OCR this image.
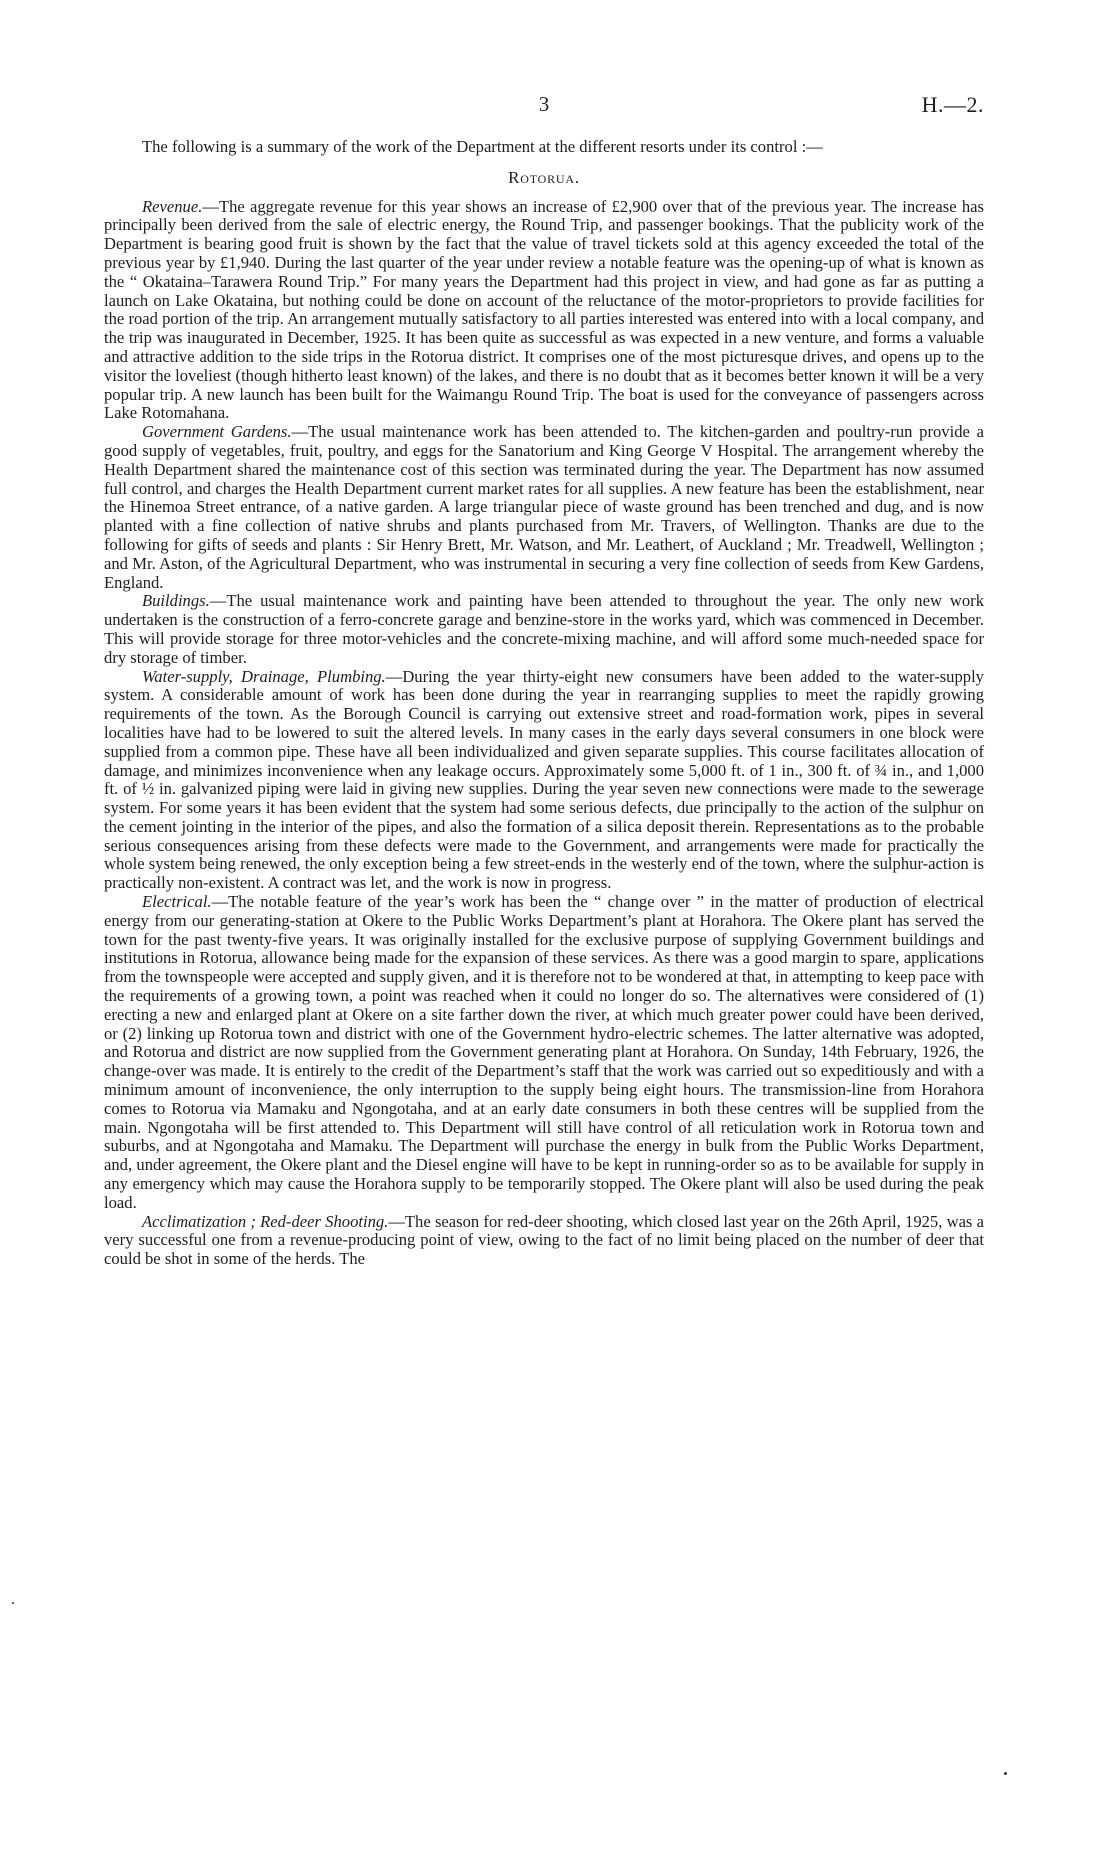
3	H.—2.

The following is a summary of the work of the Department at the different resorts under its control :—

Rotorua.

Revenue.—The aggregate revenue for this year shows an increase of £2,900 over that of the previous year. The increase has principally been derived from the sale of electric energy, the Round Trip, and passenger bookings. That the publicity work of the Department is bearing good fruit is shown by the fact that the value of travel tickets sold at this agency exceeded the total of the previous year by £1,940. During the last quarter of the year under review a notable feature was the opening-up of what is known as the “ Okataina–Tarawera Round Trip.” For many years the Department had this project in view, and had gone as far as putting a launch on Lake Okataina, but nothing could be done on account of the reluctance of the motor-proprietors to provide facilities for the road portion of the trip. An arrangement mutually satisfactory to all parties interested was entered into with a local company, and the trip was inaugurated in December, 1925. It has been quite as successful as was expected in a new venture, and forms a valuable and attractive addition to the side trips in the Rotorua district. It comprises one of the most picturesque drives, and opens up to the visitor the loveliest (though hitherto least known) of the lakes, and there is no doubt that as it becomes better known it will be a very popular trip. A new launch has been built for the Waimangu Round Trip. The boat is used for the conveyance of passengers across Lake Rotomahana.

Government Gardens.—The usual maintenance work has been attended to. The kitchen-garden and poultry-run provide a good supply of vegetables, fruit, poultry, and eggs for the Sanatorium and King George V Hospital. The arrangement whereby the Health Department shared the maintenance cost of this section was terminated during the year. The Department has now assumed full control, and charges the Health Department current market rates for all supplies. A new feature has been the establishment, near the Hinemoa Street entrance, of a native garden. A large triangular piece of waste ground has been trenched and dug, and is now planted with a fine collection of native shrubs and plants purchased from Mr. Travers, of Wellington. Thanks are due to the following for gifts of seeds and plants : Sir Henry Brett, Mr. Watson, and Mr. Leathert, of Auckland ; Mr. Treadwell, Wellington ; and Mr. Aston, of the Agricultural Department, who was instrumental in securing a very fine collection of seeds from Kew Gardens, England.

Buildings.—The usual maintenance work and painting have been attended to throughout the year. The only new work undertaken is the construction of a ferro-concrete garage and benzine-store in the works yard, which was commenced in December. This will provide storage for three motor-vehicles and the concrete-mixing machine, and will afford some much-needed space for dry storage of timber.

Water-supply, Drainage, Plumbing.—During the year thirty-eight new consumers have been added to the water-supply system. A considerable amount of work has been done during the year in rearranging supplies to meet the rapidly growing requirements of the town. As the Borough Council is carrying out extensive street and road-formation work, pipes in several localities have had to be lowered to suit the altered levels. In many cases in the early days several consumers in one block were supplied from a common pipe. These have all been individualized and given separate supplies. This course facilitates allocation of damage, and minimizes inconvenience when any leakage occurs. Approximately some 5,000 ft. of 1 in., 300 ft. of ¾ in., and 1,000 ft. of ½ in. galvanized piping were laid in giving new supplies. During the year seven new connections were made to the sewerage system. For some years it has been evident that the system had some serious defects, due principally to the action of the sulphur on the cement jointing in the interior of the pipes, and also the formation of a silica deposit therein. Representations as to the probable serious consequences arising from these defects were made to the Government, and arrangements were made for practically the whole system being renewed, the only exception being a few street-ends in the westerly end of the town, where the sulphur-action is practically non-existent. A contract was let, and the work is now in progress.

Electrical.—The notable feature of the year’s work has been the “ change over ” in the matter of production of electrical energy from our generating-station at Okere to the Public Works Department’s plant at Horahora. The Okere plant has served the town for the past twenty-five years. It was originally installed for the exclusive purpose of supplying Government buildings and institutions in Rotorua, allowance being made for the expansion of these services. As there was a good margin to spare, applications from the townspeople were accepted and supply given, and it is therefore not to be wondered at that, in attempting to keep pace with the requirements of a growing town, a point was reached when it could no longer do so. The alternatives were considered of (1) erecting a new and enlarged plant at Okere on a site farther down the river, at which much greater power could have been derived, or (2) linking up Rotorua town and district with one of the Government hydro-electric schemes. The latter alternative was adopted, and Rotorua and district are now supplied from the Government generating plant at Horahora. On Sunday, 14th February, 1926, the change-over was made. It is entirely to the credit of the Department’s staff that the work was carried out so expeditiously and with a minimum amount of inconvenience, the only interruption to the supply being eight hours. The transmission-line from Horahora comes to Rotorua via Mamaku and Ngongotaha, and at an early date consumers in both these centres will be supplied from the main. Ngongotaha will be first attended to. This Department will still have control of all reticulation work in Rotorua town and suburbs, and at Ngongotaha and Mamaku. The Department will purchase the energy in bulk from the Public Works Department, and, under agreement, the Okere plant and the Diesel engine will have to be kept in running-order so as to be available for supply in any emergency which may cause the Horahora supply to be temporarily stopped. The Okere plant will also be used during the peak load.

Acclimatization ; Red-deer Shooting.—The season for red-deer shooting, which closed last year on the 26th April, 1925, was a very successful one from a revenue-producing point of view, owing to the fact of no limit being placed on the number of deer that could be shot in some of the herds. The
